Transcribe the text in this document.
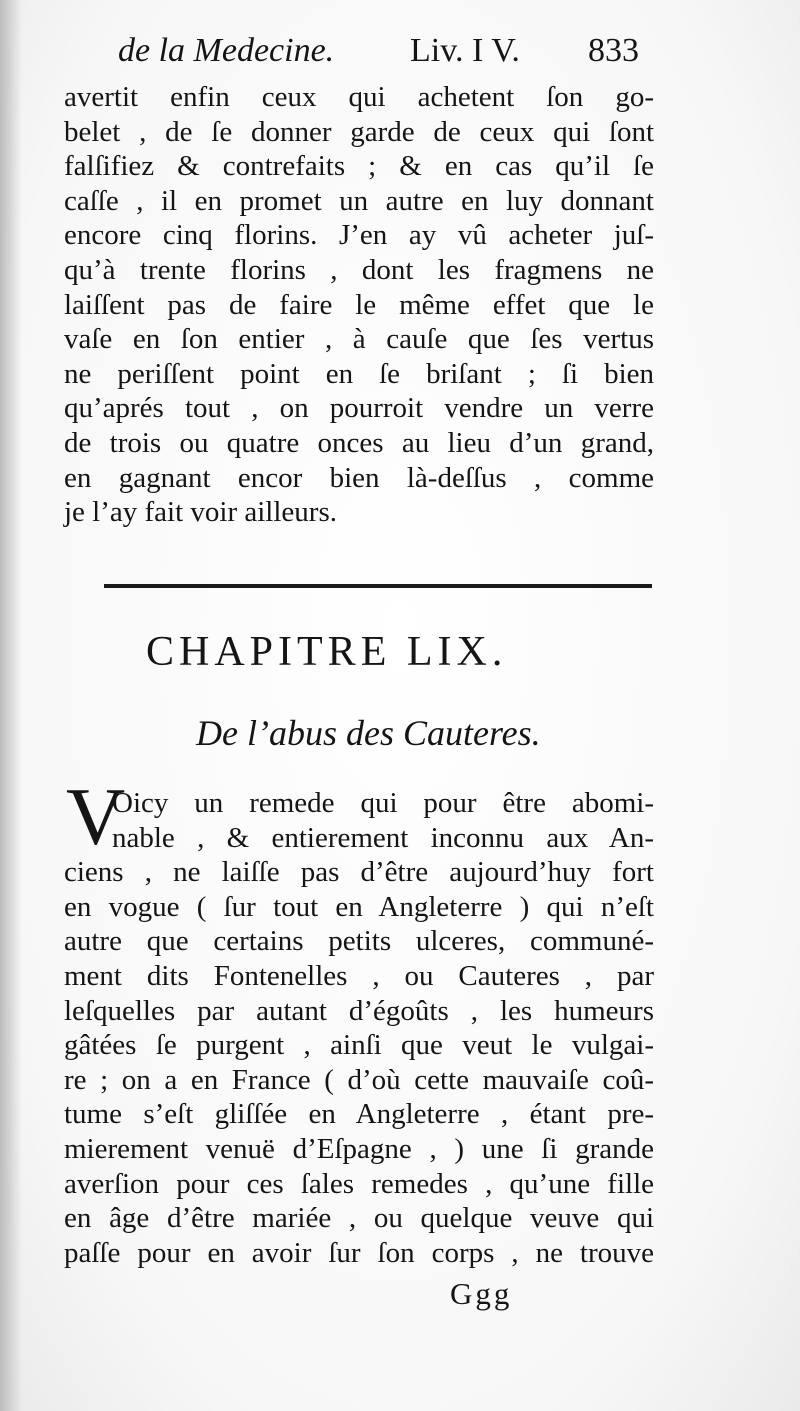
de la Medecine. Liv. I V. 833
avertit enfin ceux qui achetent ſon go-
belet , de ſe donner garde de ceux qui ſont
falſifiez & contrefaits ; & en cas qu’il ſe
caſſe , il en promet un autre en luy donnant
encore cinq florins. J’en ay vû acheter juſ-
qu’à trente florins , dont les fragmens ne
laiſſent pas de faire le même effet que le
vaſe en ſon entier , à cauſe que ſes vertus
ne periſſent point en ſe briſant ; ſi bien
qu’aprés tout , on pourroit vendre un verre
de trois ou quatre onces au lieu d’un grand,
en gagnant encor bien là-deſſus , comme
je l’ay fait voir ailleurs.
CHAPITRE LIX.
De l’abus des Cauteres.
V
Oicy un remede qui pour être abomi-
nable , & entierement inconnu aux An-
ciens , ne laiſſe pas d’être aujourd’huy fort
en vogue ( ſur tout en Angleterre ) qui n’eſt
autre que certains petits ulceres, communé-
ment dits Fontenelles , ou Cauteres , par
leſquelles par autant d’égoûts , les humeurs
gâtées ſe purgent , ainſi que veut le vulgai-
re ; on a en France ( d’où cette mauvaiſe coû-
tume s’eſt gliſſée en Angleterre , étant pre-
mierement venuë d’Eſpagne , ) une ſi grande
averſion pour ces ſales remedes , qu’une fille
en âge d’être mariée , ou quelque veuve qui
paſſe pour en avoir ſur ſon corps , ne trouve
Ggg
